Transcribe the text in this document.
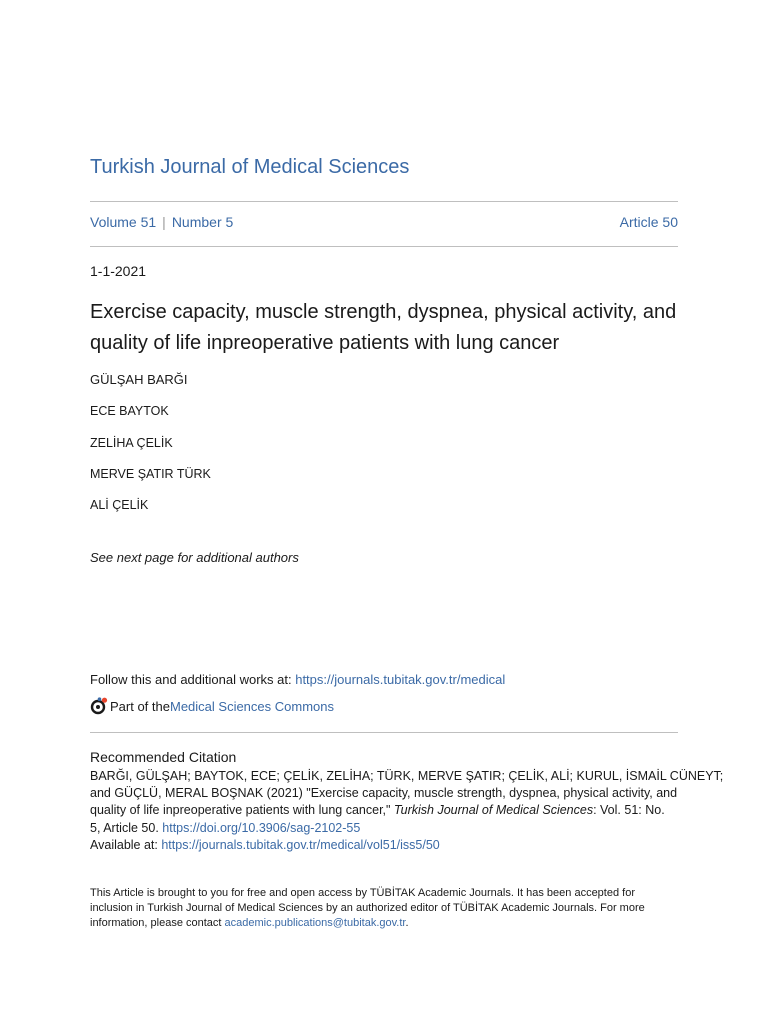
Turkish Journal of Medical Sciences
Volume 51 | Number 5	Article 50
1-1-2021
Exercise capacity, muscle strength, dyspnea, physical activity, and
quality of life inpreoperative patients with lung cancer
GÜLŞAH BARĞI
ECE BAYTOK
ZELİHA ÇELİK
MERVE ŞATIR TÜRK
ALİ ÇELİK
See next page for additional authors
Follow this and additional works at: https://journals.tubitak.gov.tr/medical
Part of the Medical Sciences Commons
Recommended Citation
BARĞI, GÜLŞAH; BAYTOK, ECE; ÇELİK, ZELİHA; TÜRK, MERVE ŞATIR; ÇELİK, ALİ; KURUL, İSMAİL CÜNEYT;
and GÜÇLÜ, MERAL BOŞNAK (2021) "Exercise capacity, muscle strength, dyspnea, physical activity, and
quality of life inpreoperative patients with lung cancer," Turkish Journal of Medical Sciences: Vol. 51: No.
5, Article 50. https://doi.org/10.3906/sag-2102-55
Available at: https://journals.tubitak.gov.tr/medical/vol51/iss5/50
This Article is brought to you for free and open access by TÜBİTAK Academic Journals. It has been accepted for
inclusion in Turkish Journal of Medical Sciences by an authorized editor of TÜBİTAK Academic Journals. For more
information, please contact academic.publications@tubitak.gov.tr.
